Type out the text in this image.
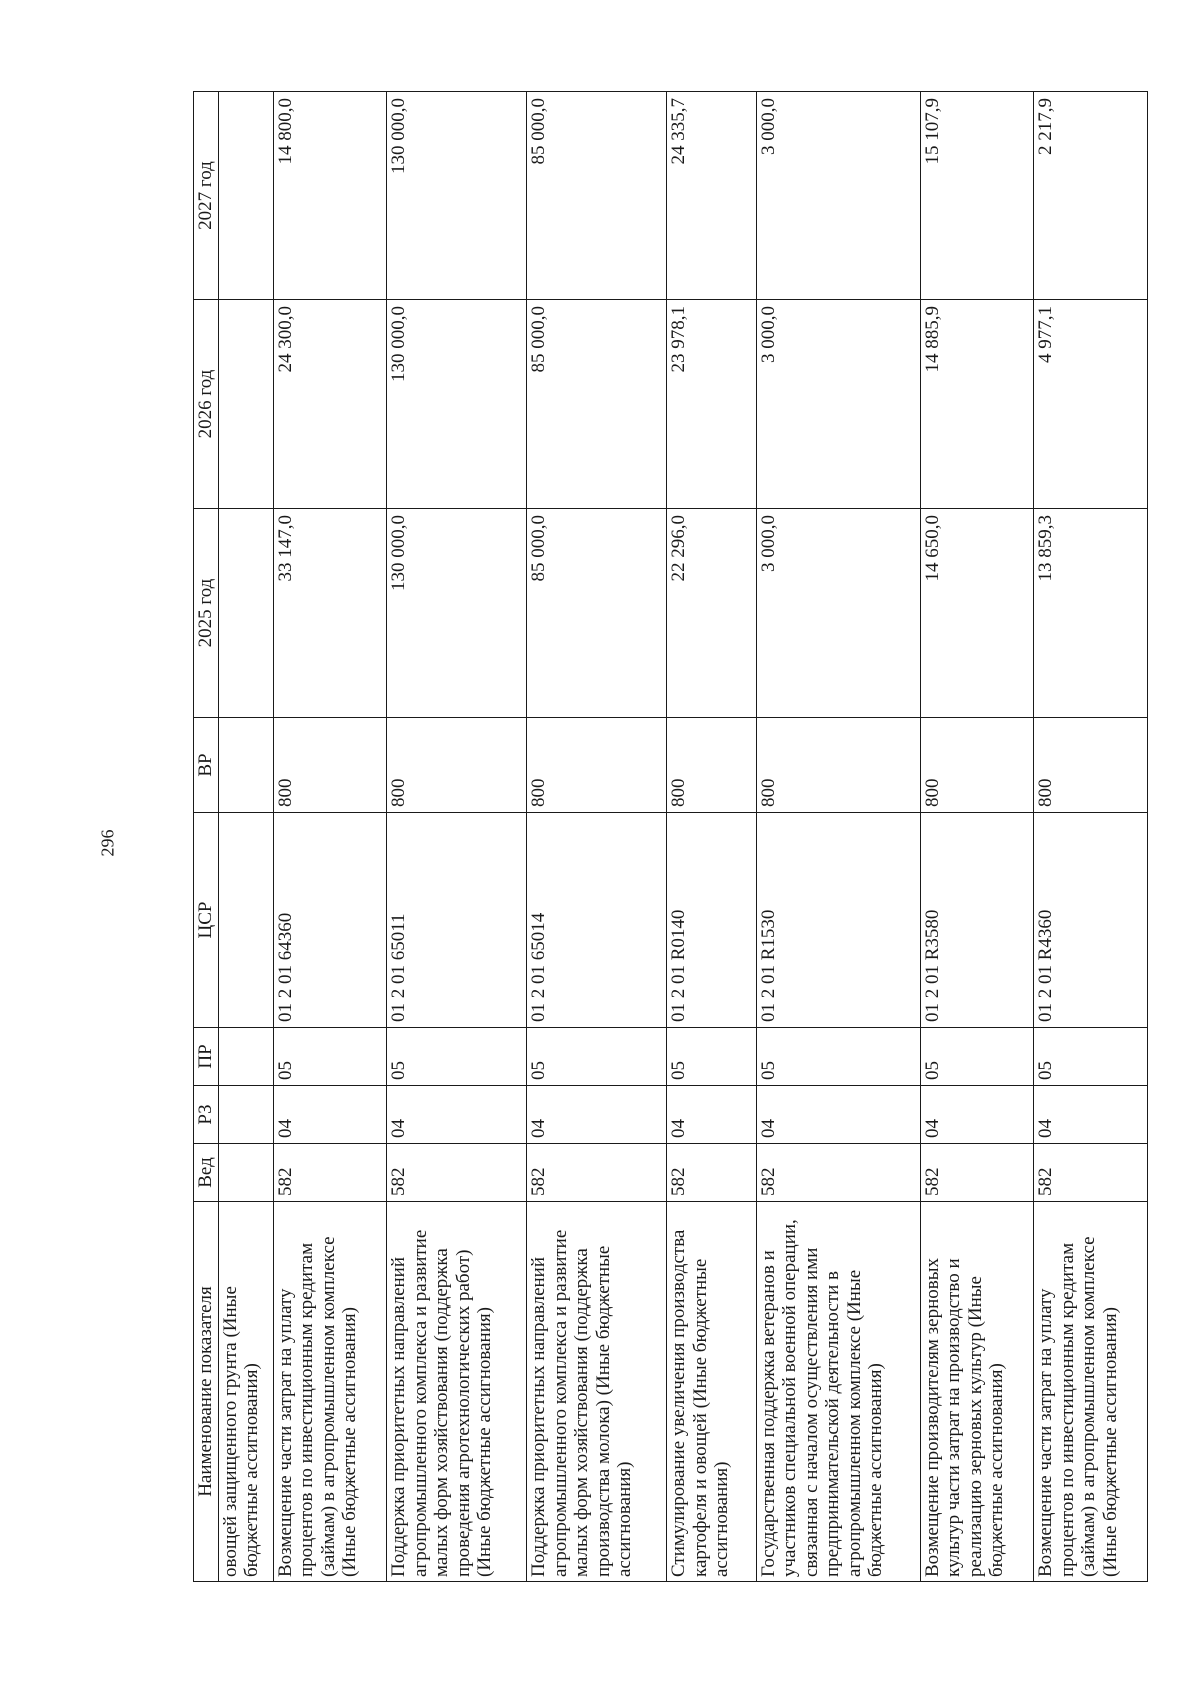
296
Наименование показателя	Вед	РЗ	ПР	ЦСР	ВР	2025 год	2026 год	2027 год
овощей защищенного грунта (Иные бюджетные ассигнования)								
Возмещение части затрат на уплату процентов по инвестиционным кредитам (займам) в агропромышленном комплексе (Иные бюджетные ассигнования)	582	04	05	01 2 01 64360	800	33 147,0	24 300,0	14 800,0
Поддержка приоритетных направлений агропромышленного комплекса и развитие малых форм хозяйствования (поддержка проведения агротехнологических работ) (Иные бюджетные ассигнования)	582	04	05	01 2 01 65011	800	130 000,0	130 000,0	130 000,0
Поддержка приоритетных направлений агропромышленного комплекса и развитие малых форм хозяйствования (поддержка производства молока) (Иные бюджетные ассигнования)	582	04	05	01 2 01 65014	800	85 000,0	85 000,0	85 000,0
Стимулирование увеличения производства картофеля и овощей (Иные бюджетные ассигнования)	582	04	05	01 2 01 R0140	800	22 296,0	23 978,1	24 335,7
Государственная поддержка ветеранов и участников специальной военной операции, связанная с началом осуществления ими предпринимательской деятельности в агропромышленном комплексе (Иные бюджетные ассигнования)	582	04	05	01 2 01 R1530	800	3 000,0	3 000,0	3 000,0
Возмещение производителям зерновых культур части затрат на производство и реализацию зерновых культур (Иные бюджетные ассигнования)	582	04	05	01 2 01 R3580	800	14 650,0	14 885,9	15 107,9
Возмещение части затрат на уплату процентов по инвестиционным кредитам (займам) в агропромышленном комплексе (Иные бюджетные ассигнования)	582	04	05	01 2 01 R4360	800	13 859,3	4 977,1	2 217,9
